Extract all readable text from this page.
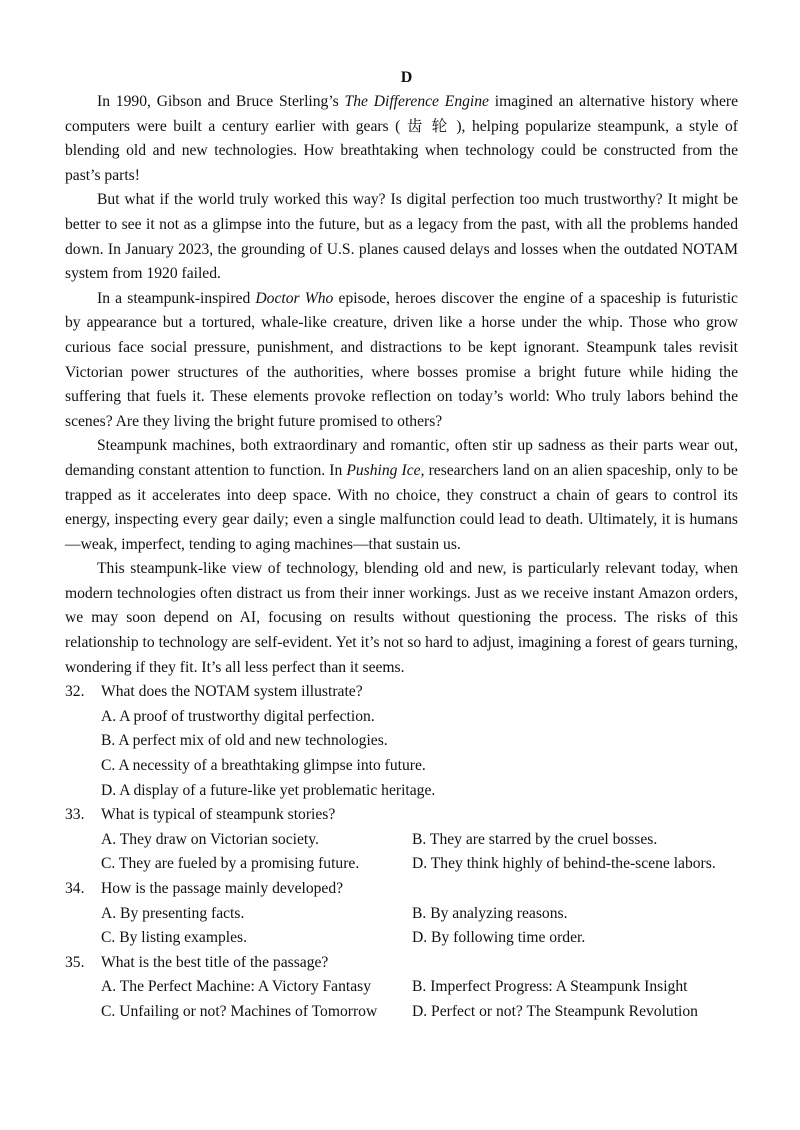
D

In 1990, Gibson and Bruce Sterling’s The Difference Engine imagined an alternative history where computers were built a century earlier with gears ( 齿 轮 ), helping popularize steampunk, a style of blending old and new technologies. How breathtaking when technology could be constructed from the past’s parts!

But what if the world truly worked this way? Is digital perfection too much trustworthy? It might be better to see it not as a glimpse into the future, but as a legacy from the past, with all the problems handed down. In January 2023, the grounding of U.S. planes caused delays and losses when the outdated NOTAM system from 1920 failed.

In a steampunk-inspired Doctor Who episode, heroes discover the engine of a spaceship is futuristic by appearance but a tortured, whale-like creature, driven like a horse under the whip. Those who grow curious face social pressure, punishment, and distractions to be kept ignorant. Steampunk tales revisit Victorian power structures of the authorities, where bosses promise a bright future while hiding the suffering that fuels it. These elements provoke reflection on today’s world: Who truly labors behind the scenes? Are they living the bright future promised to others?

Steampunk machines, both extraordinary and romantic, often stir up sadness as their parts wear out, demanding constant attention to function. In Pushing Ice, researchers land on an alien spaceship, only to be trapped as it accelerates into deep space. With no choice, they construct a chain of gears to control its energy, inspecting every gear daily; even a single malfunction could lead to death. Ultimately, it is humans—weak, imperfect, tending to aging machines—that sustain us.

This steampunk-like view of technology, blending old and new, is particularly relevant today, when modern technologies often distract us from their inner workings. Just as we receive instant Amazon orders, we may soon depend on AI, focusing on results without questioning the process. The risks of this relationship to technology are self-evident. Yet it’s not so hard to adjust, imagining a forest of gears turning, wondering if they fit. It’s all less perfect than it seems.

32.	What does the NOTAM system illustrate?
A. A proof of trustworthy digital perfection.
B. A perfect mix of old and new technologies.
C. A necessity of a breathtaking glimpse into future.
D. A display of a future-like yet problematic heritage.
33.	What is typical of steampunk stories?
A. They draw on Victorian society.	B. They are starred by the cruel bosses.
C. They are fueled by a promising future.	D. They think highly of behind-the-scene labors.
34.	How is the passage mainly developed?
A. By presenting facts.	B. By analyzing reasons.
C. By listing examples.	D. By following time order.
35.	What is the best title of the passage?
A. The Perfect Machine: A Victory Fantasy	B. Imperfect Progress: A Steampunk Insight
C. Unfailing or not? Machines of Tomorrow	D. Perfect or not? The Steampunk Revolution
